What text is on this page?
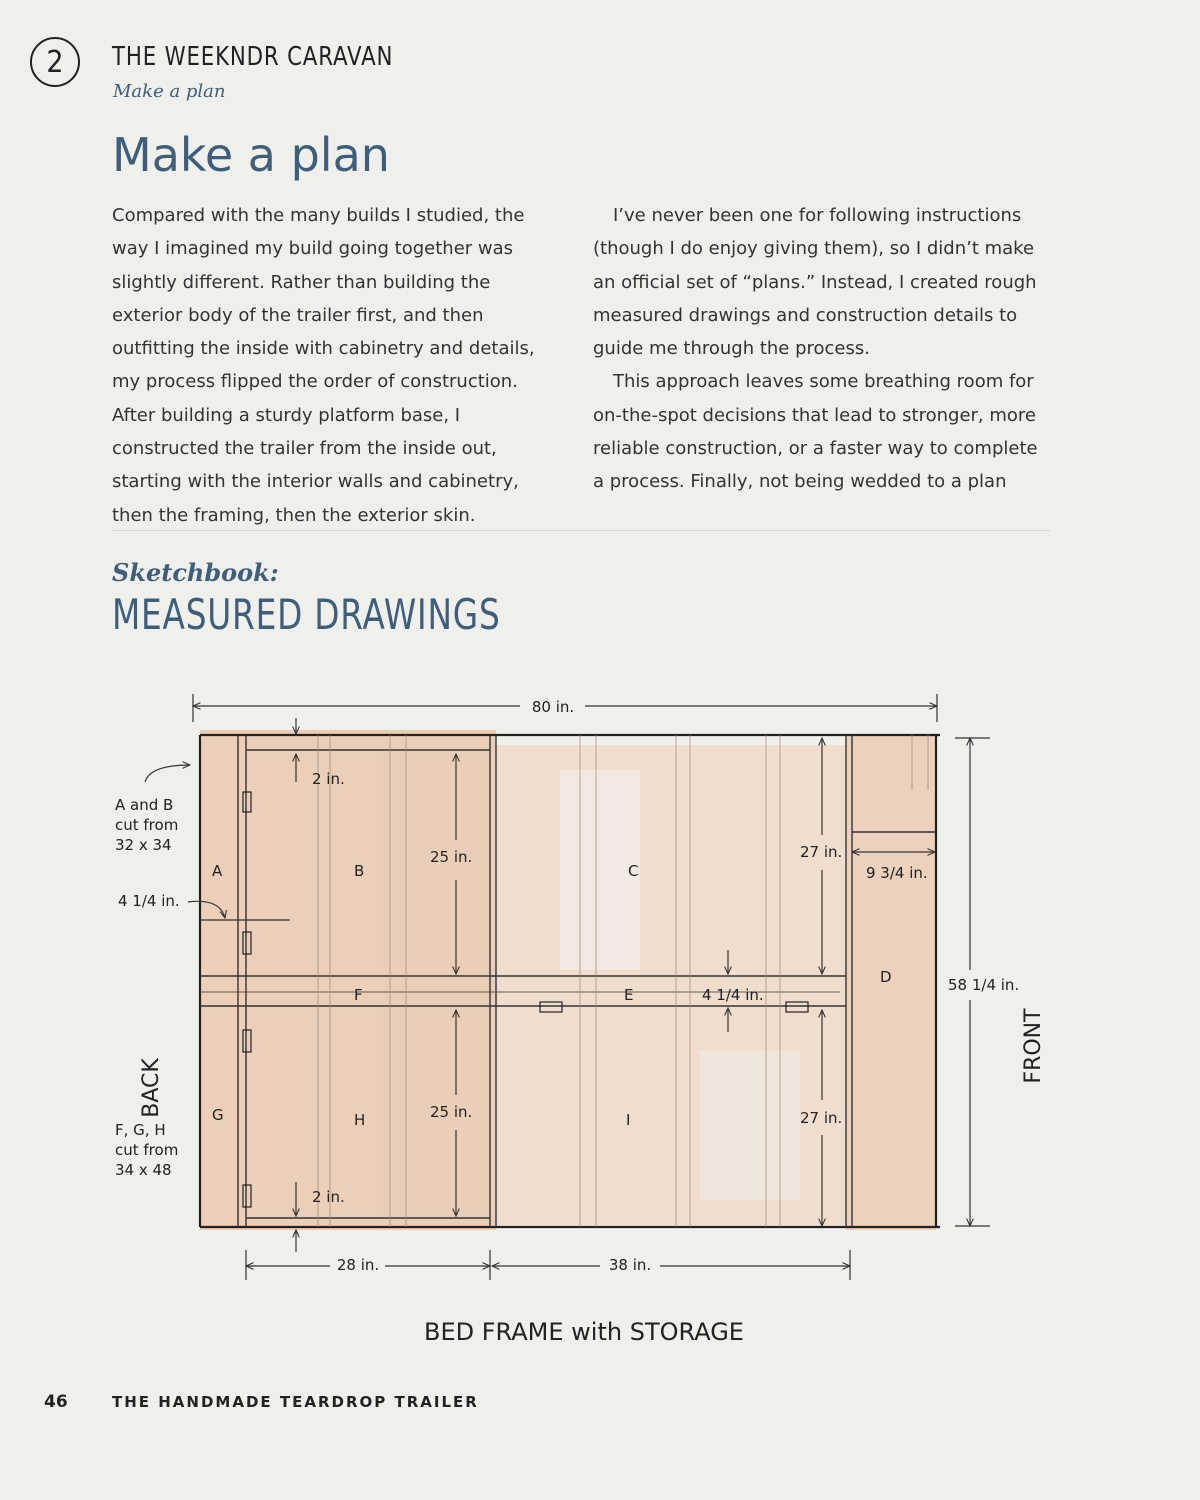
2 THE WEEKNDR CARAVAN
Make a plan
Make a plan

Compared with the many builds I studied, the way I imagined my build going together was slightly different. Rather than building the exterior body of the trailer first, and then outfitting the inside with cabinetry and details, my process flipped the order of construction. After building a sturdy platform base, I constructed the trailer from the inside out, starting with the interior walls and cabinetry, then the framing, then the exterior skin.

I’ve never been one for following instructions (though I do enjoy giving them), so I didn’t make an official set of “plans.” Instead, I created rough measured drawings and construction details to guide me through the process.

This approach leaves some breathing room for on-the-spot decisions that lead to stronger, more reliable construction, or a faster way to complete a process. Finally, not being wedded to a plan

Sketchbook:
MEASURED DRAWINGS
80 in.
58 1/4 in.
2 in.
2 in.
25 in.
25 in.
27 in.
27 in.
9 3/4 in.
4 1/4 in.
4 1/4 in.
28 in.	38 in.
A	B	C
D
E
F
G	H	I
A and B
cut from
32 x 34
F, G, H
cut from
34 x 48
BACK
FRONT
BED FRAME with STORAGE
46	THE HANDMADE TEARDROP TRAILER
